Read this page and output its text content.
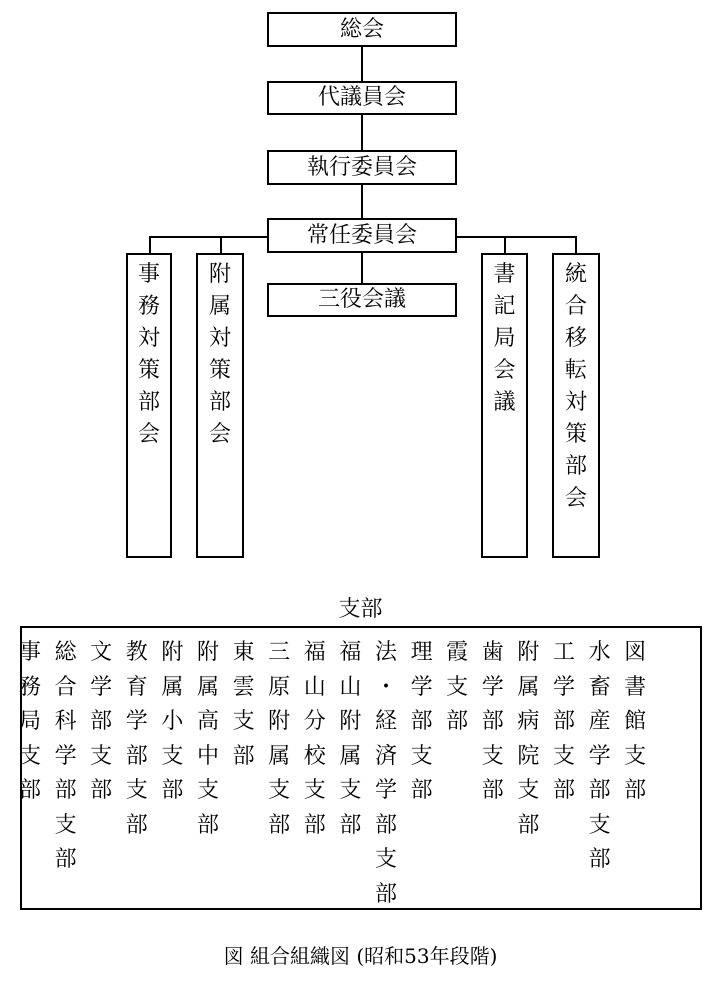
総会
代議員会
執行委員会
常任委員会
三役会議
事
務
対
策
部
会
附
属
対
策
部
会
書
記
局
会
議
統
合
移
転
対
策
部
会
支部
事
務
局
支
部
総
合
科
学
部
支
部
文
学
部
支
部
教
育
学
部
支
部
附
属
小
支
部
附
属
高
中
支
部
東
雲
支
部
三
原
附
属
支
部
福
山
分
校
支
部
福
山
附
属
支
部
法
・
経
済
学
部
支
部
理
学
部
支
部
霞
支
部
歯
学
部
支
部
附
属
病
院
支
部
工
学
部
支
部
水
畜
産
学
部
支
部
図
書
館
支
部
図 組合組織図 (昭和53年段階)
